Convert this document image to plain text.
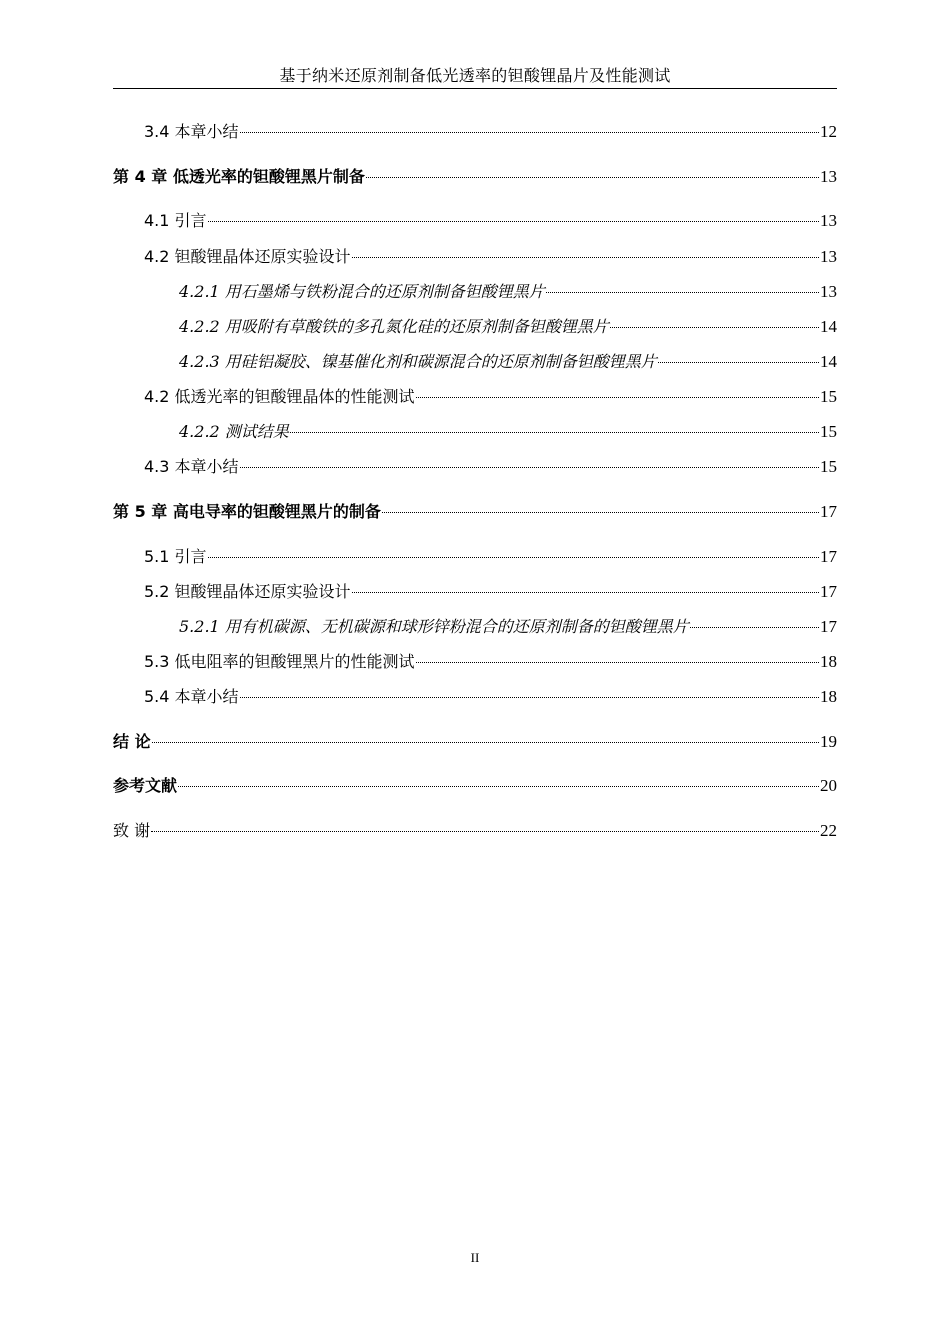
基于纳米还原剂制备低光透率的钽酸锂晶片及性能测试
3.4 本章小结	12
第 4 章 低透光率的钽酸锂黑片制备	13
4.1 引言	13
4.2 钽酸锂晶体还原实验设计	13
4.2.1 用石墨烯与铁粉混合的还原剂制备钽酸锂黑片	13
4.2.2 用吸附有草酸铁的多孔氮化硅的还原剂制备钽酸锂黑片	14
4.2.3 用硅铝凝胶、镍基催化剂和碳源混合的还原剂制备钽酸锂黑片	14
4.2 低透光率的钽酸锂晶体的性能测试	15
4.2.2 测试结果	15
4.3 本章小结	15
第 5 章 高电导率的钽酸锂黑片的制备	17
5.1 引言	17
5.2 钽酸锂晶体还原实验设计	17
5.2.1 用有机碳源、无机碳源和球形锌粉混合的还原剂制备的钽酸锂黑片	17
5.3 低电阻率的钽酸锂黑片的性能测试	18
5.4 本章小结	18
结 论	19
参考文献	20
致 谢	22
II
